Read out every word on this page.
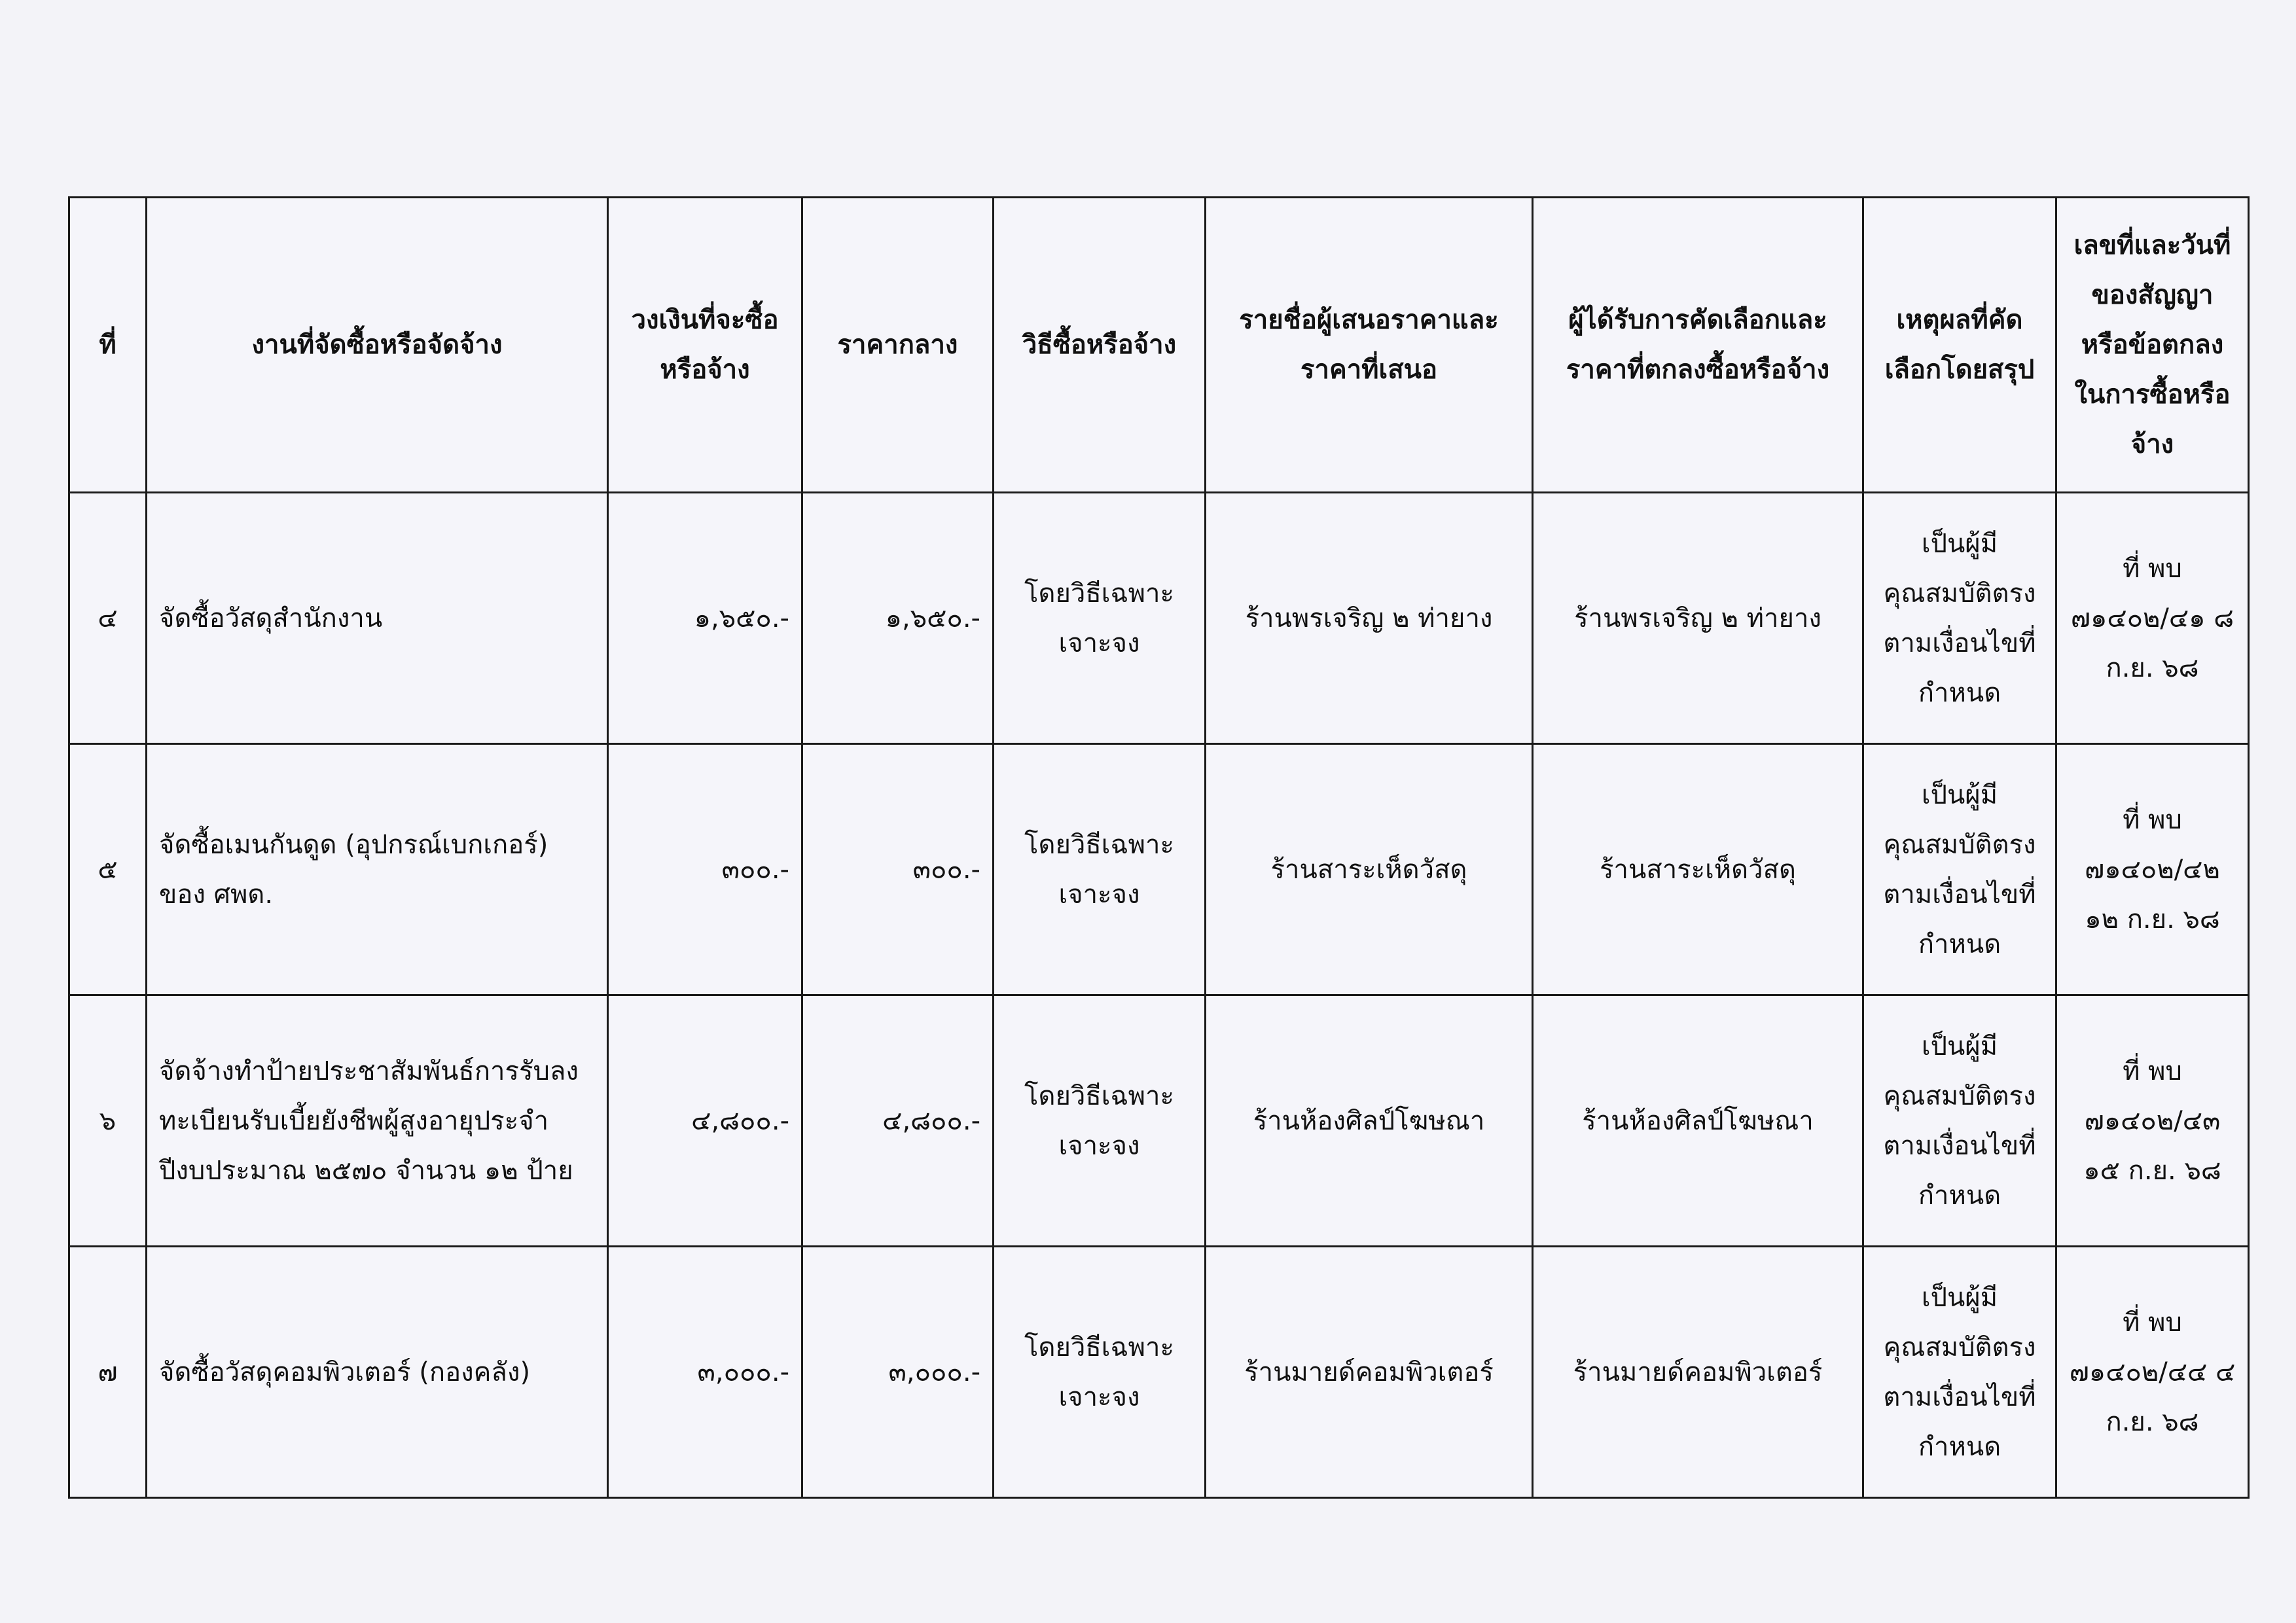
ที่	งานที่จัดซื้อหรือจัดจ้าง	วงเงินที่จะซื้อหรือจ้าง	ราคากลาง	วิธีซื้อหรือจ้าง	รายชื่อผู้เสนอราคาและราคาที่เสนอ	ผู้ได้รับการคัดเลือกและราคาที่ตกลงซื้อหรือจ้าง	เหตุผลที่คัดเลือกโดยสรุป	เลขที่และวันที่ของสัญญาหรือข้อตกลงในการซื้อหรือจ้าง
๔	จัดซื้อวัสดุสำนักงาน	๑,๖๕๐.-	๑,๖๕๐.-	โดยวิธีเฉพาะเจาะจง	ร้านพรเจริญ ๒ ท่ายาง	ร้านพรเจริญ ๒ ท่ายาง	เป็นผู้มีคุณสมบัติตรงตามเงื่อนไขที่กำหนด	ที่ พบ ๗๑๔๐๒/๔๑ ๘ ก.ย. ๖๘
๕	จัดซื้อเมนกันดูด (อุปกรณ์เบกเกอร์) ของ ศพด.	๓๐๐.-	๓๐๐.-	โดยวิธีเฉพาะเจาะจง	ร้านสาระเห็ดวัสดุ	ร้านสาระเห็ดวัสดุ	เป็นผู้มีคุณสมบัติตรงตามเงื่อนไขที่กำหนด	ที่ พบ ๗๑๔๐๒/๔๒ ๑๒ ก.ย. ๖๘
๖	จัดจ้างทำป้ายประชาสัมพันธ์การรับลงทะเบียนรับเบี้ยยังชีพผู้สูงอายุประจำปีงบประมาณ ๒๕๗๐ จำนวน ๑๒ ป้าย	๔,๘๐๐.-	๔,๘๐๐.-	โดยวิธีเฉพาะเจาะจง	ร้านห้องศิลป์โฆษณา	ร้านห้องศิลป์โฆษณา	เป็นผู้มีคุณสมบัติตรงตามเงื่อนไขที่กำหนด	ที่ พบ ๗๑๔๐๒/๔๓ ๑๕ ก.ย. ๖๘
๗	จัดซื้อวัสดุคอมพิวเตอร์ (กองคลัง)	๓,๐๐๐.-	๓,๐๐๐.-	โดยวิธีเฉพาะเจาะจง	ร้านมายด์คอมพิวเตอร์	ร้านมายด์คอมพิวเตอร์	เป็นผู้มีคุณสมบัติตรงตามเงื่อนไขที่กำหนด	ที่ พบ ๗๑๔๐๒/๔๔ ๔ ก.ย. ๖๘
